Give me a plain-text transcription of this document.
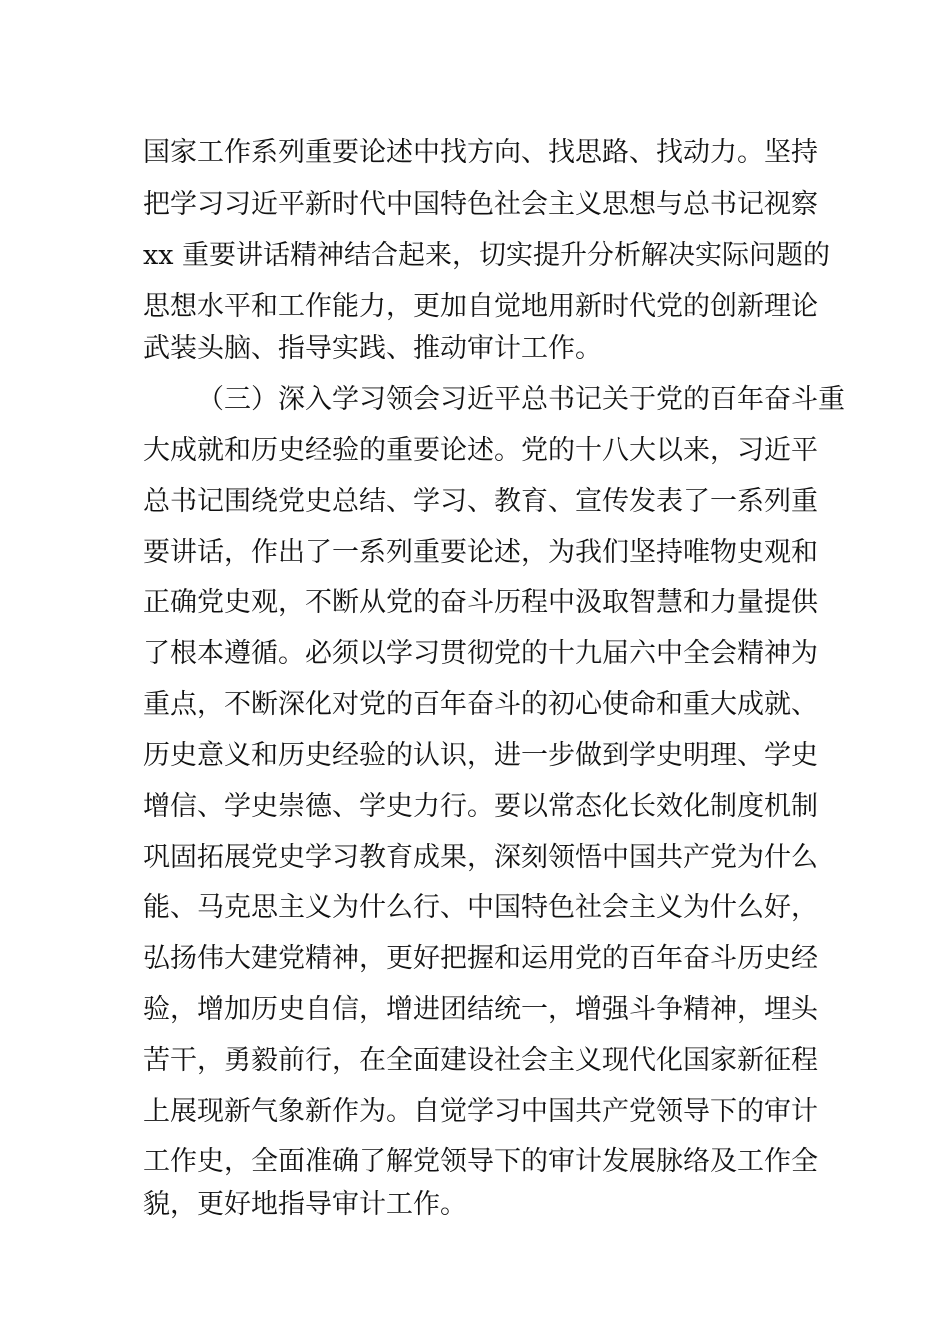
国家工作系列重要论述中找方向、找思路、找动力。坚持
把学习习近平新时代中国特色社会主义思想与总书记视察
xx 重要讲话精神结合起来，切实提升分析解决实际问题的
思想水平和工作能力，更加自觉地用新时代党的创新理论
武装头脑、指导实践、推动审计工作。
（三）深入学习领会习近平总书记关于党的百年奋斗重
大成就和历史经验的重要论述。党的十八大以来，习近平
总书记围绕党史总结、学习、教育、宣传发表了一系列重
要讲话，作出了一系列重要论述，为我们坚持唯物史观和
正确党史观，不断从党的奋斗历程中汲取智慧和力量提供
了根本遵循。必须以学习贯彻党的十九届六中全会精神为
重点，不断深化对党的百年奋斗的初心使命和重大成就、
历史意义和历史经验的认识，进一步做到学史明理、学史
增信、学史崇德、学史力行。要以常态化长效化制度机制
巩固拓展党史学习教育成果，深刻领悟中国共产党为什么
能、马克思主义为什么行、中国特色社会主义为什么好，
弘扬伟大建党精神，更好把握和运用党的百年奋斗历史经
验，增加历史自信，增进团结统一，增强斗争精神，埋头
苦干，勇毅前行，在全面建设社会主义现代化国家新征程
上展现新气象新作为。自觉学习中国共产党领导下的审计
工作史，全面准确了解党领导下的审计发展脉络及工作全
貌，更好地指导审计工作。
